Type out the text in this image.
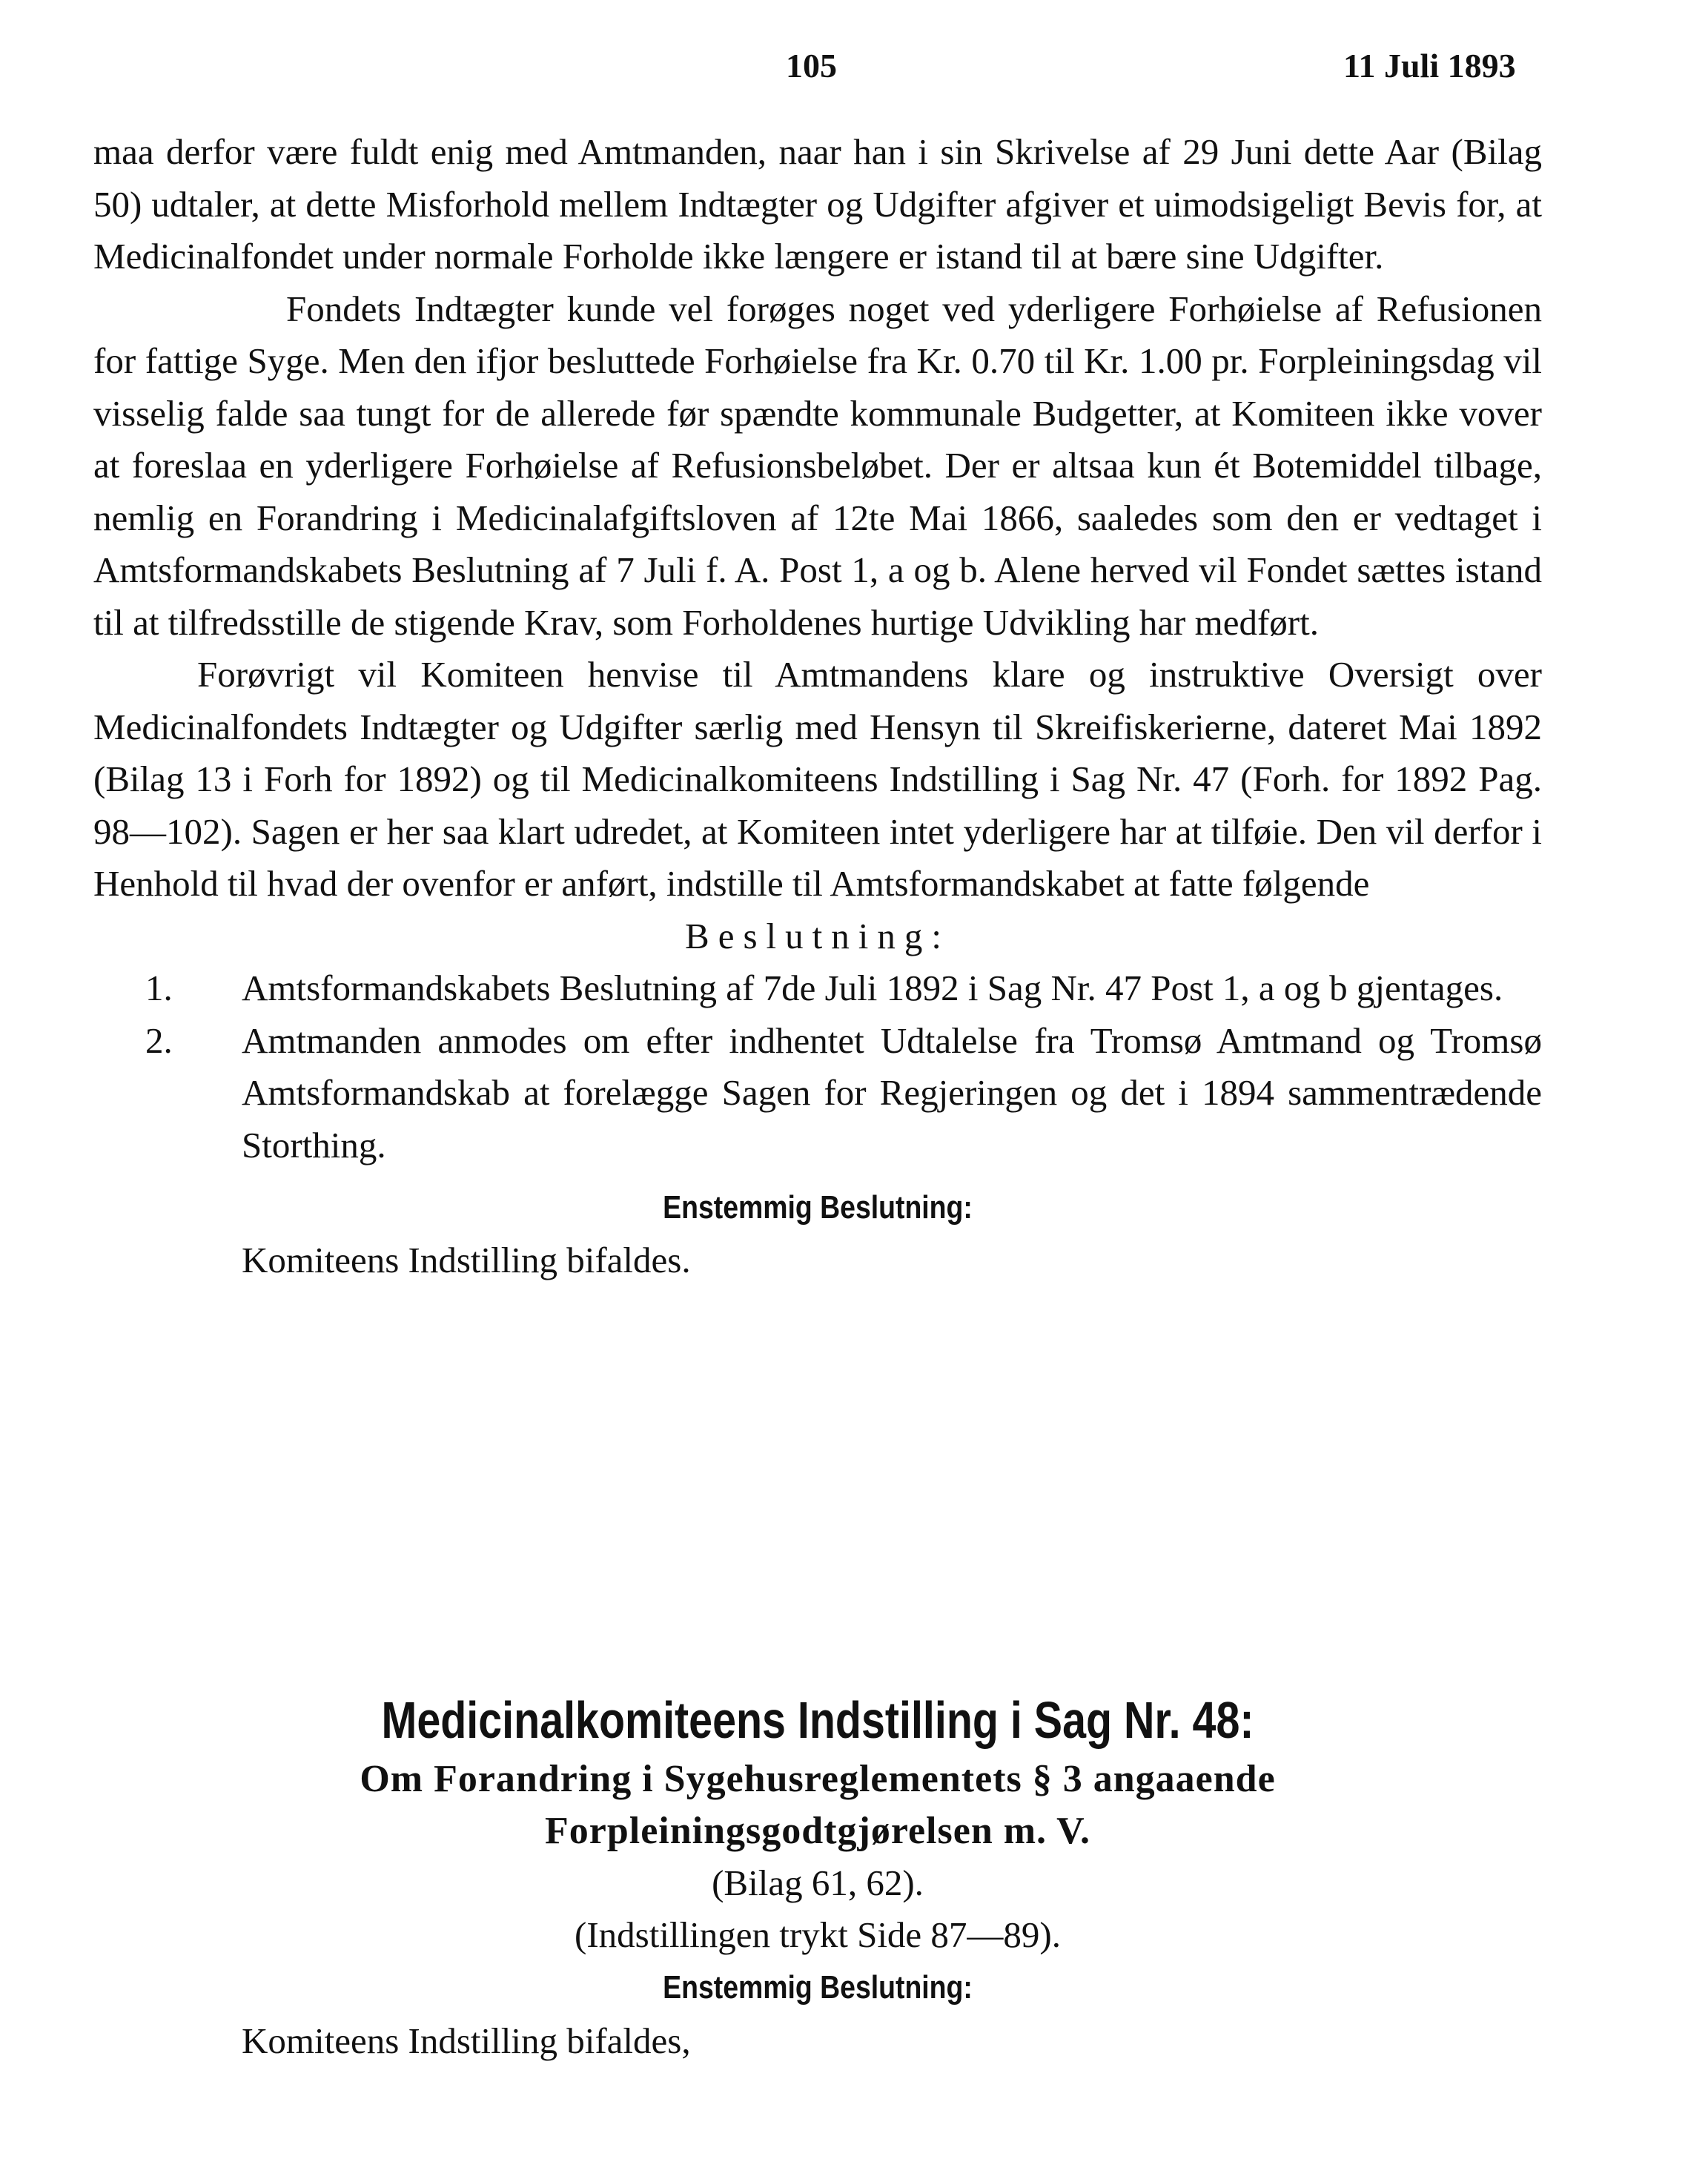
105	11 Juli 1893

maa derfor være fuldt enig med Amtmanden, naar han i sin Skrivelse af 29 Juni dette Aar (Bilag 50) udtaler, at dette Misforhold mellem Indtægter og Udgifter afgiver et uimodsigeligt Bevis for, at Medicinalfondet under normale Forholde ikke længere er istand til at bære sine Udgifter.

Fondets Indtægter kunde vel forøges noget ved yderligere Forhøielse af Refusionen for fattige Syge. Men den ifjor besluttede Forhøielse fra Kr. 0.70 til Kr. 1.00 pr. Forpleiningsdag vil visselig falde saa tungt for de allerede før spændte kommunale Budgetter, at Komiteen ikke vover at foreslaa en yderligere Forhøielse af Refusionsbeløbet. Der er altsaa kun ét Botemiddel tilbage, nemlig en Forandring i Medicinalafgiftsloven af 12te Mai 1866, saaledes som den er vedtaget i Amtsformandskabets Beslutning af 7 Juli f. A. Post 1, a og b. Alene herved vil Fondet sættes istand til at tilfredsstille de stigende Krav, som Forholdenes hurtige Udvikling har medført.

Forøvrigt vil Komiteen henvise til Amtmandens klare og instruktive Oversigt over Medicinalfondets Indtægter og Udgifter særlig med Hensyn til Skreifiskerierne, dateret Mai 1892 (Bilag 13 i Forh for 1892) og til Medicinalkomiteens Indstilling i Sag Nr. 47 (Forh. for 1892 Pag. 98—102). Sagen er her saa klart udredet, at Komiteen intet yderligere har at tilføie. Den vil derfor i Henhold til hvad der ovenfor er anført, indstille til Amtsformandskabet at fatte følgende

Beslutning:

1.	Amtsformandskabets Beslutning af 7de Juli 1892 i Sag Nr. 47 Post 1, a og b gjentages.
2.	Amtmanden anmodes om efter indhentet Udtalelse fra Tromsø Amtmand og Tromsø Amtsformandskab at forelægge Sagen for Regjeringen og det i 1894 sammentrædende Storthing.
Enstemmig Beslutning:
Komiteens Indstilling bifaldes.
Medicinalkomiteens Indstilling i Sag Nr. 48:
Om Forandring i Sygehusreglementets § 3 angaaende
Forpleiningsgodtgjørelsen m. V.
(Bilag 61, 62).
(Indstillingen trykt Side 87—89).
Enstemmig Beslutning:
Komiteens Indstilling bifaldes,
